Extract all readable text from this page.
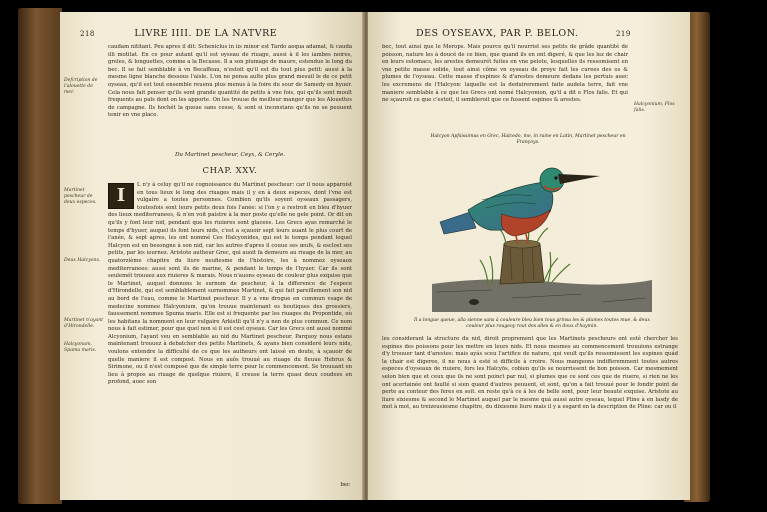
218	LIVRE IIII. DE LA NATVRE
Defcription de l'alouette de mer.

caudam nititant. Peu apres il dit: Scheniclus in iis minor est Tardo aequa adamat, & cauda illi motitat. En ce pour autant qu'il est oyseau de riuage, aussi à il les iambes noires, greles, & longuettes, comme a la Becasse. Il a son plumage de maure, estendue le long du bec. Il se fait semblable à vn Becaffeau, n'estoit qu'il est du tout plus petit: aussi à la mesme ligne blanche dessous l'aisle. L'on ne pensa aulte plus grand mesuil le de ce petit oyseau, qu'il est tout ensemble reuenu plus menus à la foire du sour de Samedy en hyuer. Cela nous fait penser qu'ils sont grande quantité de petits à vne fois, qui qu'ils sont moult frequents au païs dont on les apporte. On les trouue de meilleur manger que les Alouettes de campagne. Ils hochét la queue sans cesse, & sont si inconstans qu'ils ne se peuuent tenir en vne place.

Du Martinet pescheur, Ceyx, & Ceryle.
CHAP. XXV.
Martinet pescheur de deux especes.
Deux Halcyons.
Martinet n'ayant d'Hirondelle.
Halcyonum, Spuma maris.
I

L n'y à celuy qu'il ne cognoissance du Martinet pescheur: car il nous apparoist en tous lieux le long des riuages mais il y en à deux especes, dont l'vne est vulgaire a toutes personnes. Combien qu'ils soyent oyseaux passagers, toutesfois sont leurs petits deux fois l'anée: si l'on y a restroit en bleu d'hyuer des lieux mediterranees, & n'en voit paistre à la mer poste qu'elle ne gele point. Or dit on qu'ils y font leur nid, pendant que les riuieres sont glacees. Les Grecs ayas remarché le temps d'hyuer, auquel ils font leurs nids, c'est a sçauoir sept iours auant le plus court de l'anée, & sept apres, les ont nommé Ces Halcyonides, qui est le temps pendant lequel Halcyon est en besongne à son nid, car les autres d'apres il couue ses œufs, & esclost ses petits, par les iournez. Aristote autheur Grec, qui auoit fa demeure au riuage de la mer, au quatorzième chapitre du liure neufiesme de l'histoire, les à nommez oyseaux mediterranees: aussi sont ils de marine, & pendant le temps de l'hyuer. Car ils sont seulemét trouuez aux riuieres & marais. Nous n'auons oyseau de couleur plus exquise que le Martinet, auquel donnons le surnom de pescheur, à la difference de l'espece d'Hirondelle, qui est semblablement surnommee Martinet, & qui fait pareillement son nid au bord de l'eau, comme le Martinet pescheur. Il y a vne drogue en commun vsage de medecine nommee Halcyonium, qu'on trouue maintenant es boutiques des grossiers, faussement nommee Spuma maris. Elle est si frequente par les riuages du Propontide, où les habitans la nomment en leur vulgaire Arkistli qu'il n'y a nen de plus commun. Ce nom nous à fait estimer, pour que quel non si il est cest oyseau. Car les Grecs ont aussi nommé Alcyonium, l'ayant veu en semblable au nid du Martinet pescheur. Parquoy nous estans maintenant trouuez à debatcher des petits Martinets, & ayans bien consideré leurs nids, voulons entendre la difficulté de ce que les autheurs ont laissé en doute, à sçauoir de quelle maniere il est compost. Nous en auôs trouué au riuage du fleuue Hebrus & Sirimone, ou il n'est composé que de simple terre pour le commencement. Se trouuant en lieu à propos au riuage de quelque riuiere, il creuse la terre quasi deux coudees en profond, auec son

bec
DES OYSEAVX, PAR P. BELON.	219

bec, tout ainsi que le Merops. Mais pource qu'il nourrist ses petits de grâde quantité de poisson, nature les à doucé de ce bien, que quand ils en ont digeré, & que les lez de chair en leurs estomacs, les arestes demeurét fuites en vne pelote, lesquelles ils ressomisent en vne petite masse solide, tout ainsi cõme vn oyseau de proye fait les curees des os & plumes de l'oyseau. Cette masse d'espines & d'arestes demeure dedans les pertuis auec les excremens de l'Halcyon: laquelle est la deduirerement faite audela terre, fait vne maniere semblable à ce que les Grecs ont nomé Halcyonion, qu'il a dit e Flos falis. Et qui ne sçauroit ce que c'estoit, il sembleroit que ce fussent espines & arestes.

Halcyonium, Flos falis.
Halcyon Apfsissimus en Grec, Halcedo, mo, in raine en Latin, Martinet pescheur en Françoys.
Il a longue queue, alla sienne sans à couleure bleu bien tous grinsa les & plumes toutes mue, & deux couleur plus rougeoy rout des alles & en doux d'haymin.

les considerant la structure du nid, diroit proprement que les Martinets pescheurs ont esté chercher les espines des poissons pour les mettre en leurs nids. Et nous mesmes au commencement trouuions estrange d'y trouuer tant d'arestes: mais ayás sceu l'artifice de nature, qui veult qu'ils ressomissent les espines quád la chair est digeree, il ne nous à esté si difficile à croire. Nous mangeons indifferemment toutes autres especes d'oyseaux de riuiere, fors les Halcyōs, cobien qu'ils se nourrissent de bon poisson. Car mesmement selon bien que et ceux que ils ne sont poinct par nul, si plumes que ce sont ces que de riuere, si rien ne les ont acertainée ont faulté si sien quand d'autres peuuent, et sont, qu'on a fait trouué pour le fondir point de perte au conteur des feres en soit. en reste qu'à ce à les de belle sont, pour leur beauté exquise. Aristote au liure sixiesme & second le Martinet auquel par le mesme quá aussi autre oyseau, lequel Pline à en lasdy de mot à mot, au treizeusiesme chapitre, du dixiesme liure mais il y a esgard en la description de Pline: car ou il
